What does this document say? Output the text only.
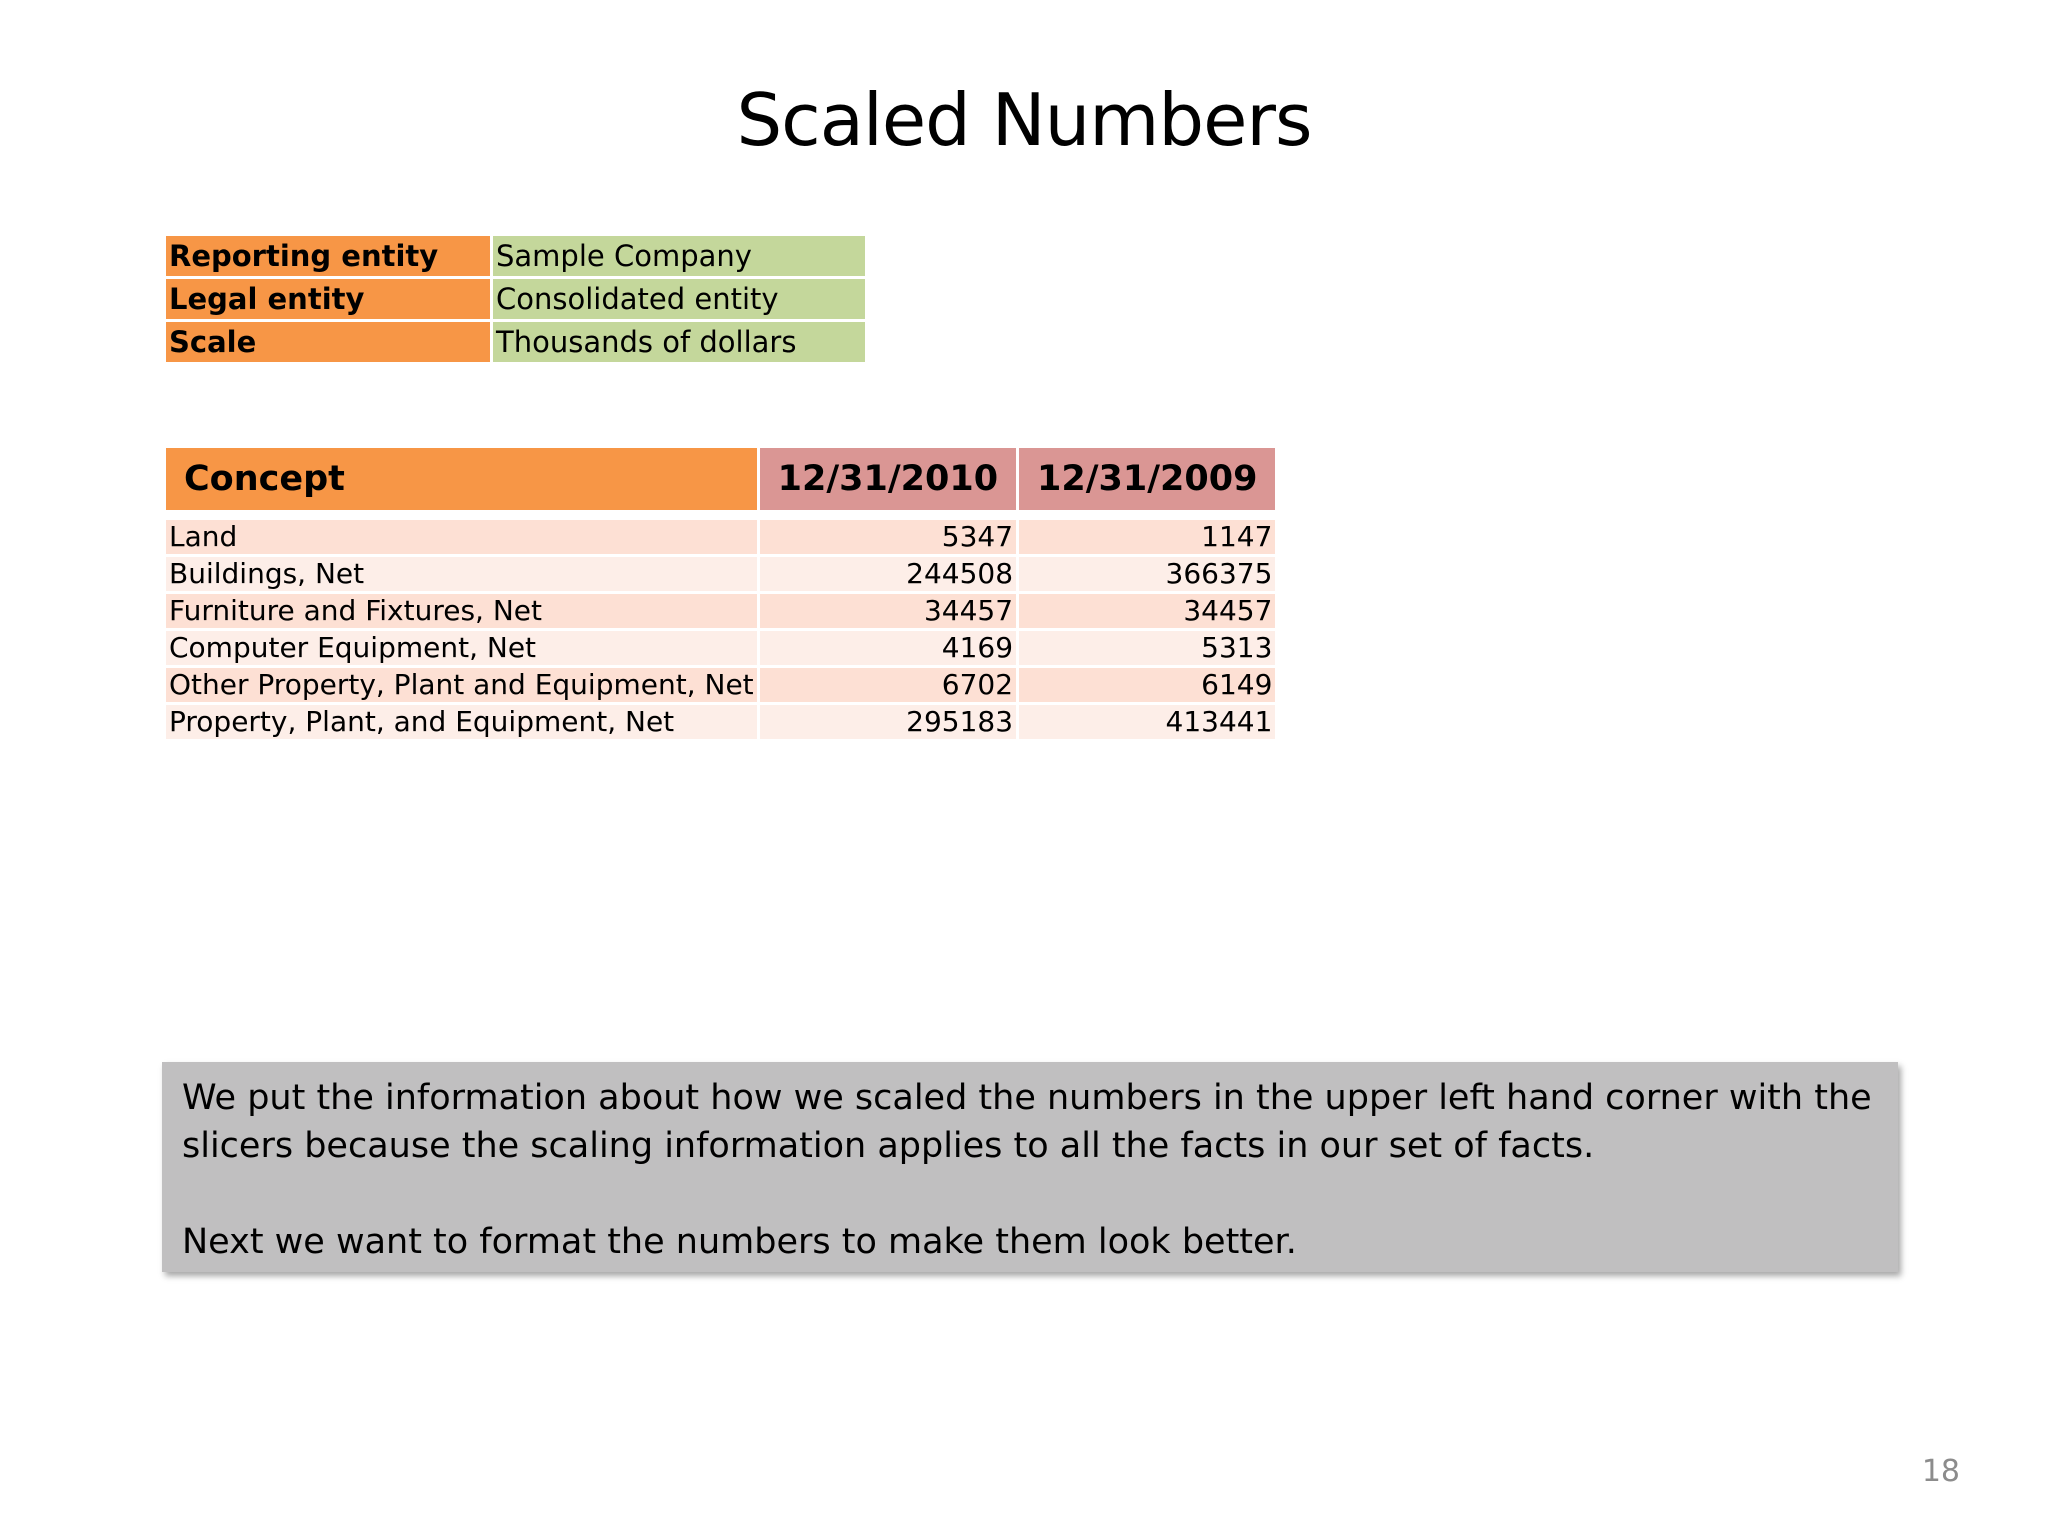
Scaled Numbers
Reporting entity	Sample Company
Legal entity	Consolidated entity
Scale	Thousands of dollars
Concept	12/31/2010	12/31/2009

Land	5347	1147
Buildings, Net	244508	366375
Furniture and Fixtures, Net	34457	34457
Computer Equipment, Net	4169	5313
Other Property, Plant and Equipment, Net	6702	6149
Property, Plant, and Equipment, Net	295183	413441

We put the information about how we scaled the numbers in the upper left hand corner with the slicers because the scaling information applies to all the facts in our set of facts.

Next we want to format the numbers to make them look better.

18
